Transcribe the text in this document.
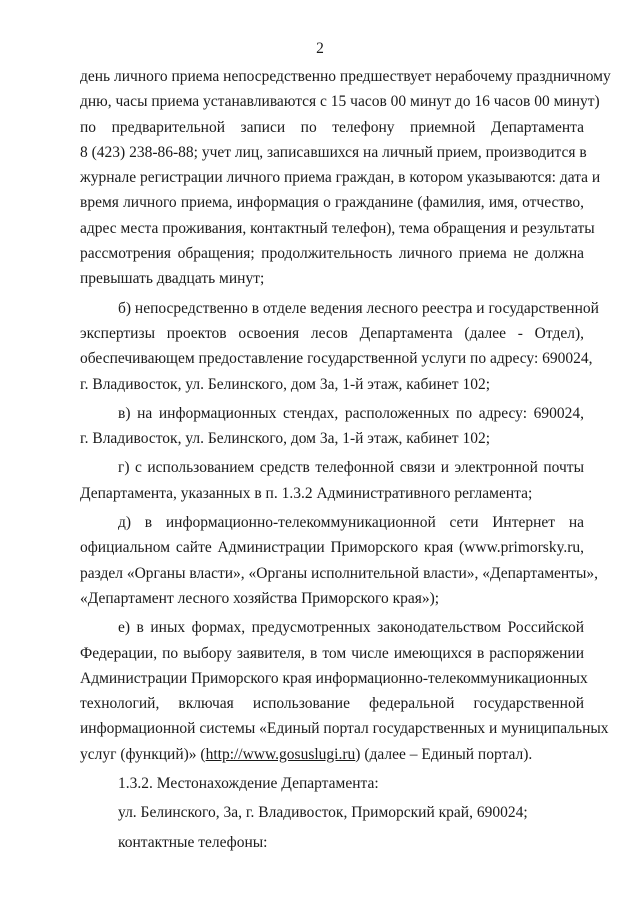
2

день личного приема непосредственно предшествует нерабочему праздничному
дню, часы приема устанавливаются с 15 часов 00 минут до 16 часов 00 минут)
по предварительной записи по телефону приемной Департамента
8 (423) 238-86-88; учет лиц, записавшихся на личный прием, производится в
журнале регистрации личного приема граждан, в котором указываются: дата и
время личного приема, информация о гражданине (фамилия, имя, отчество,
адрес места проживания, контактный телефон), тема обращения и результаты
рассмотрения обращения; продолжительность личного приема не должна
превышать двадцать минут;

б) непосредственно в отделе ведения лесного реестра и государственной
экспертизы проектов освоения лесов Департамента (далее - Отдел),
обеспечивающем предоставление государственной услуги по адресу: 690024,
г. Владивосток, ул. Белинского, дом 3а, 1-й этаж, кабинет 102;

в) на информационных стендах, расположенных по адресу: 690024,
г. Владивосток, ул. Белинского, дом 3а, 1-й этаж, кабинет 102;

г) с использованием средств телефонной связи и электронной почты
Департамента, указанных в п. 1.3.2 Административного регламента;

д) в информационно-телекоммуникационной сети Интернет на
официальном сайте Администрации Приморского края (www.primorsky.ru,
раздел «Органы власти», «Органы исполнительной власти», «Департаменты»,
«Департамент лесного хозяйства Приморского края»);

е) в иных формах, предусмотренных законодательством Российской
Федерации, по выбору заявителя, в том числе имеющихся в распоряжении
Администрации Приморского края информационно-телекоммуникационных
технологий, включая использование федеральной государственной
информационной системы «Единый портал государственных и муниципальных
услуг (функций)» (http://www.gosuslugi.ru) (далее – Единый портал).

1.3.2. Местонахождение Департамента:

ул. Белинского, 3а, г. Владивосток, Приморский край, 690024;

контактные телефоны:
